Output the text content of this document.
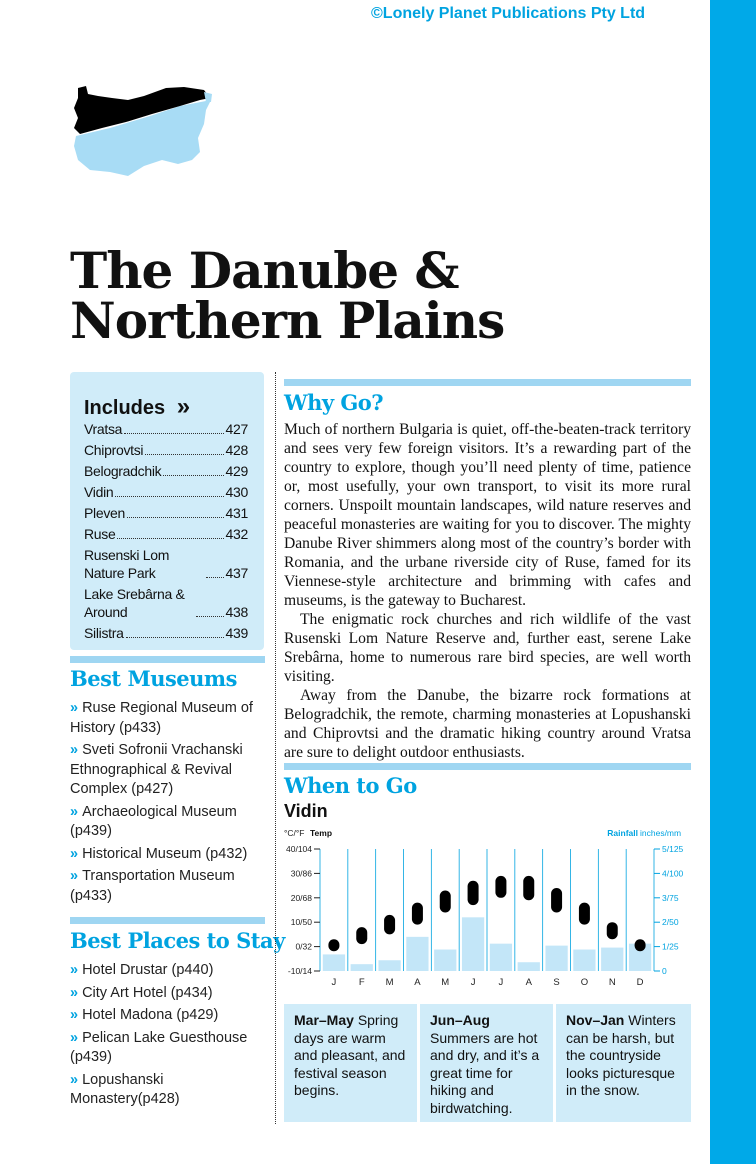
©Lonely Planet Publications Pty Ltd
The Danube &
Northern Plains
Includes »
Vratsa	427
Chiprovtsi	428
Belogradchik	429
Vidin	430
Pleven	431
Ruse	432
Rusenski Lom Nature Park	437
Lake Srebârna & Around	438
Silistra	439
Best Museums
» Ruse Regional Museum of History (p433)
» Sveti Sofronii Vrachanski Ethnographical & Revival Complex (p427)
» Archaeological Museum (p439)
» Historical Museum (p432)
» Transportation Museum (p433)
Best Places to Stay
» Hotel Drustar (p440)
» City Art Hotel (p434)
» Hotel Madona (p429)
» Pelican Lake Guesthouse (p439)
» Lopushanski Monastery(p428)
Why Go?

Much of northern Bulgaria is quiet, off-the-beaten-track territory and sees very few foreign visitors. It’s a rewarding part of the country to explore, though you’ll need plenty of time, patience or, most usefully, your own transport, to visit its more rural corners. Unspoilt mountain landscapes, wild nature reserves and peaceful monasteries are waiting for you to discover. The mighty Danube River shimmers along most of the country’s border with Romania, and the urbane riverside city of Ruse, famed for its Viennese-style architecture and brimming with cafes and museums, is the gateway to Bucharest.

The enigmatic rock churches and rich wildlife of the vast Rusenski Lom Nature Reserve and, further east, serene Lake Srebârna, home to numerous rare bird species, are well worth visiting.

Away from the Danube, the bizarre rock formations at Belogradchik, the remote, charming monasteries at Lopushanski and Chiprovtsi and the dramatic hiking country around Vratsa are sure to delight outdoor enthusiasts.

When to Go
Vidin
°C/°F Temp	Rainfall inches/mm
40/104
30/86
20/68
10/50
0/32
-10/14
5/125
4/100
3/75
2/50
1/25
0
J F M A M J J A S O N D
Mar–May Spring days are warm and pleasant, and festival season begins.
Jun–Aug Summers are hot and dry, and it’s a great time for hiking and birdwatching.
Nov–Jan Winters can be harsh, but the countryside looks picturesque in the snow.
